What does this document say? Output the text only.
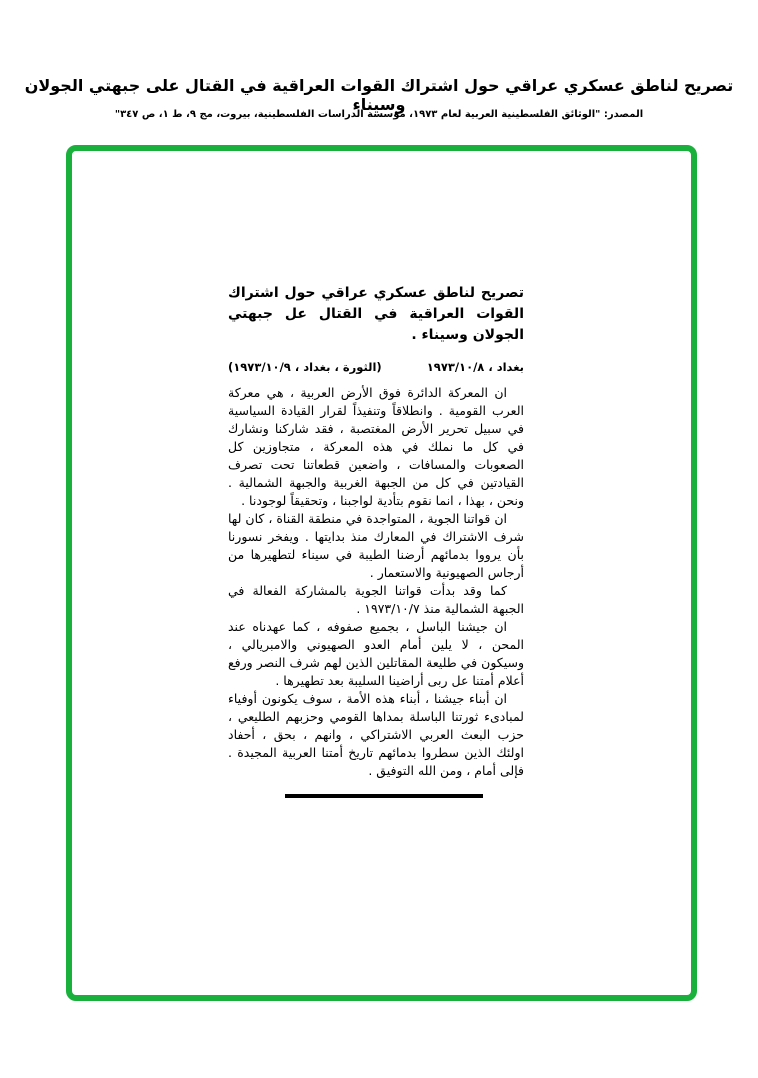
تصريح لناطق عسكري عراقي حول اشتراك القوات العراقية في القتال على جبهتي الجولان وسيناء
المصدر: "الوثائق الفلسطينية العربية لعام ١٩٧٣، مؤسسة الدراسات الفلسطينية، بيروت، مج ٩، ط ١، ص ٣٤٧"
تصريح لناطق عسكري عراقي حول اشتراك القوات العراقية في القتال عل جبهتي الجولان وسيناء .
بغداد ، ١٩٧٣/١٠/٨
(الثورة ، بغداد ، ١٩٧٣/١٠/٩)

ان المعركة الدائرة فوق الأرض العربية ، هي معركة العرب القومية . وانطلاقاً وتنفيذاً لقرار القيادة السياسية في سبيل تحرير الأرض المغتصبة ، فقد شاركنا ونشارك في كل ما نملك في هذه المعركة ، متجاوزين كل الصعوبات والمسافات ، واضعين قطعاتنا تحت تصرف القيادتين في كل من الجبهة الغربية والجبهة الشمالية . ونحن ، بهذا ، انما نقوم بتأدية لواجبنا ، وتحقيقاً لوجودنا .

ان قواتنا الجوية ، المتواجدة في منطقة القناة ، كان لها شرف الاشتراك في المعارك منذ بدايتها . ويفخر نسورنا بأن يرووا بدمائهم أرضنا الطيبة في سيناء لتطهيرها من أرجاس الصهيونية والاستعمار .

كما وقد بدأت قواتنا الجوية بالمشاركة الفعالة في الجبهة الشمالية منذ ١٩٧٣/١٠/٧ .

ان جيشنا الباسل ، بجميع صفوفه ، كما عهدناه عند المحن ، لا يلين أمام العدو الصهيوني والامبريالي ، وسيكون في طليعة المقاتلين الذين لهم شرف النصر ورفع أعلام أمتنا عل ربى أراضينا السليبة بعد تطهيرها .

ان أبناء جيشنا ، أبناء هذه الأمة ، سوف يكونون أوفياء لمبادىء ثورتنا الباسلة بمداها القومي وحزبهم الطليعي ، حزب البعث العربي الاشتراكي ، وانهم ، بحق ، أحفاد اولئك الذين سطروا بدمائهم تاريخ أمتنا العربية المجيدة . فإلى أمام ، ومن الله التوفيق .
